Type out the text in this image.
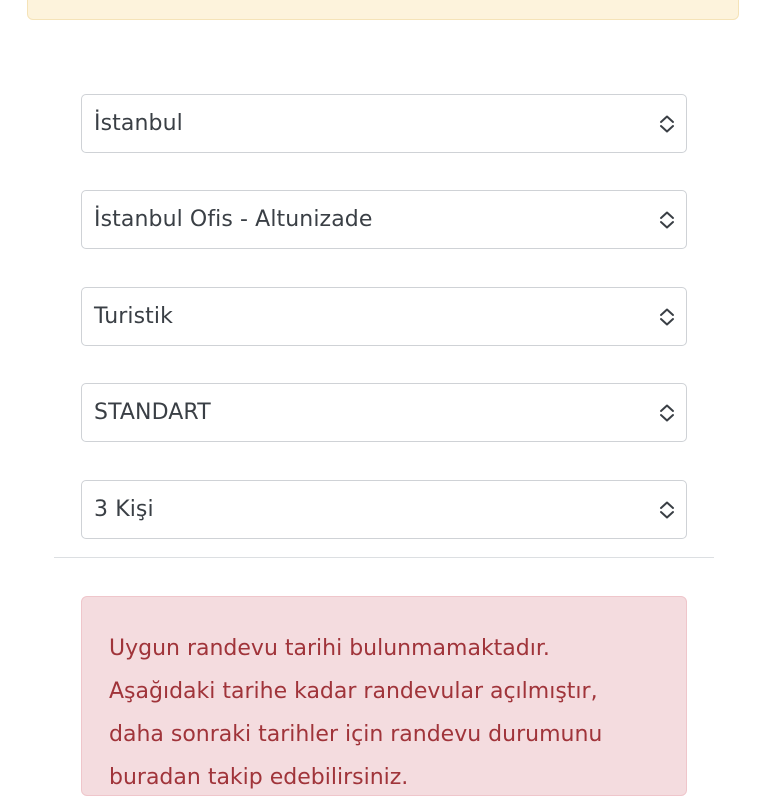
İstanbul
İstanbul Ofis - Altunizade
Turistik
STANDART
3 Kişi
Uygun randevu tarihi bulunmamaktadır.
Aşağıdaki tarihe kadar randevular açılmıştır,
daha sonraki tarihler için randevu durumunu
buradan takip edebilirsiniz.
